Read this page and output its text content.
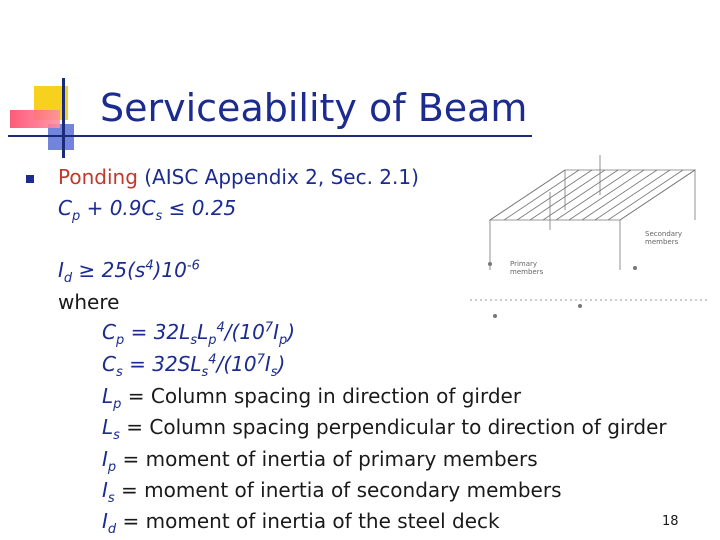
Serviceability of Beam
Ponding (AISC Appendix 2, Sec. 2.1)
$C_p + 0.9C_s \le 0.25$
$I_d \ge 25(s^4)10^{-6}$
where
$C_p = 32L_sL_p^4/(10^7I_p)$
$C_s = 32SL_s^4/(10^7I_s)$
$L_p$ = Column spacing in direction of girder
$L_s$ = Column spacing perpendicular to direction of girder
$I_p$ = moment of inertia of primary members
$I_s$ = moment of inertia of secondary members
$I_d$ = moment of inertia of the steel deck	18
Secondary members
Primary members
